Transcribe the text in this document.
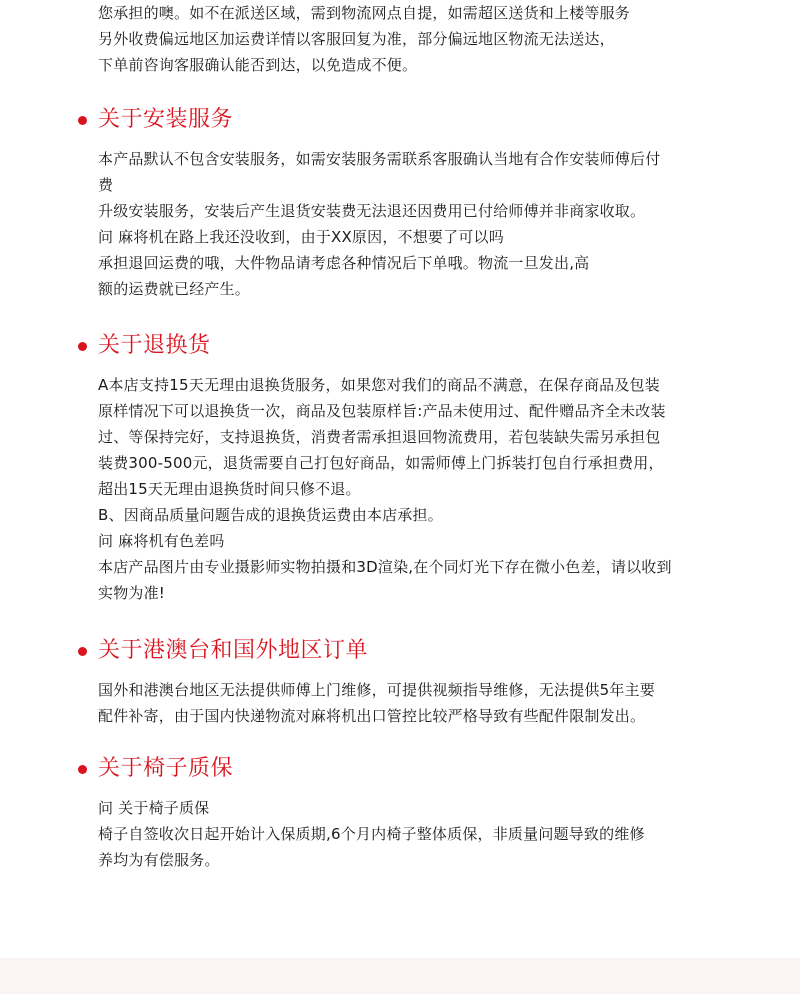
您承担的噢。如不在派送区域，需到物流网点自提，如需超区送货和上楼等服务
另外收费偏远地区加运费详情以客服回复为准，部分偏远地区物流无法送达，
下单前咨询客服确认能否到达，以免造成不便。
关于安装服务
本产品默认不包含安装服务，如需安装服务需联系客服确认当地有合作安装师傅后付
费
升级安装服务，安装后产生退货安装费无法退还因费用已付给师傅并非商家收取。
问 麻将机在路上我还没收到，由于XX原因，不想要了可以吗
承担退回运费的哦，大件物品请考虑各种情况后下单哦。物流一旦发出,高
额的运费就已经产生。
关于退换货
A本店支持15天无理由退换货服务，如果您对我们的商品不满意，在保存商品及包装
原样情况下可以退换货一次，商品及包装原样旨:产品未使用过、配件赠品齐全未改装
过、等保持完好，支持退换货，消费者需承担退回物流费用，若包装缺失需另承担包
装费300-500元，退货需要自己打包好商品，如需师傅上门拆装打包自行承担费用，
超出15天无理由退换货时间只修不退。
B、因商品质量问题告成的退换货运费由本店承担。
问 麻将机有色差吗
本店产品图片由专业摄影师实物拍摄和3D渲染,在个同灯光下存在微小色差，请以收到
实物为准!
关于港澳台和国外地区订单
国外和港澳台地区无法提供师傅上门维修，可提供视频指导维修，无法提供5年主要
配件补寄，由于国内快递物流对麻将机出口管控比较严格导致有些配件限制发出。
关于椅子质保
问 关于椅子质保
椅子自签收次日起开始计入保质期,6个月内椅子整体质保，非质量问题导致的维修
养均为有偿服务。
